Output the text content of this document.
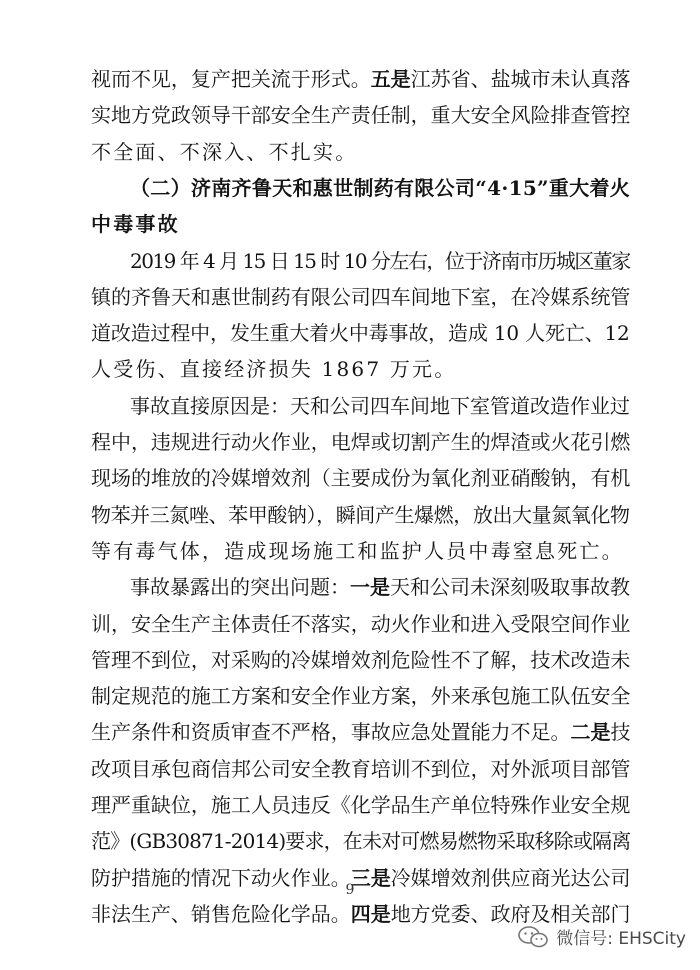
视而不见，复产把关流于形式。五是江苏省、盐城市未认真落
实地方党政领导干部安全生产责任制，重大安全风险排查管控
不全面、不深入、不扎实。
（二）济南齐鲁天和惠世制药有限公司“4·15”重大着火
中毒事故
2019 年 4 月 15 日 15 时 10 分左右，位于济南市历城区董家
镇的齐鲁天和惠世制药有限公司四车间地下室，在冷媒系统管
道改造过程中，发生重大着火中毒事故，造成 10 人死亡、12
人受伤、直接经济损失 1867 万元。
事故直接原因是：天和公司四车间地下室管道改造作业过
程中，违规进行动火作业，电焊或切割产生的焊渣或火花引燃
现场的堆放的冷媒增效剂（主要成份为氧化剂亚硝酸钠，有机
物苯并三氮唑、苯甲酸钠），瞬间产生爆燃，放出大量氮氧化物
等有毒气体，造成现场施工和监护人员中毒窒息死亡。
事故暴露出的突出问题：一是天和公司未深刻吸取事故教
训，安全生产主体责任不落实，动火作业和进入受限空间作业
管理不到位，对采购的冷媒增效剂危险性不了解，技术改造未
制定规范的施工方案和安全作业方案，外来承包施工队伍安全
生产条件和资质审查不严格，事故应急处置能力不足。二是技
改项目承包商信邦公司安全教育培训不到位，对外派项目部管
理严重缺位，施工人员违反《化学品生产单位特殊作业安全规
范》(GB30871-2014)要求，在未对可燃易燃物采取移除或隔离
防护措施的情况下动火作业。三是冷媒增效剂供应商光达公司
非法生产、销售危险化学品。四是地方党委、政府及相关部门
9
微信号: EHSCity
